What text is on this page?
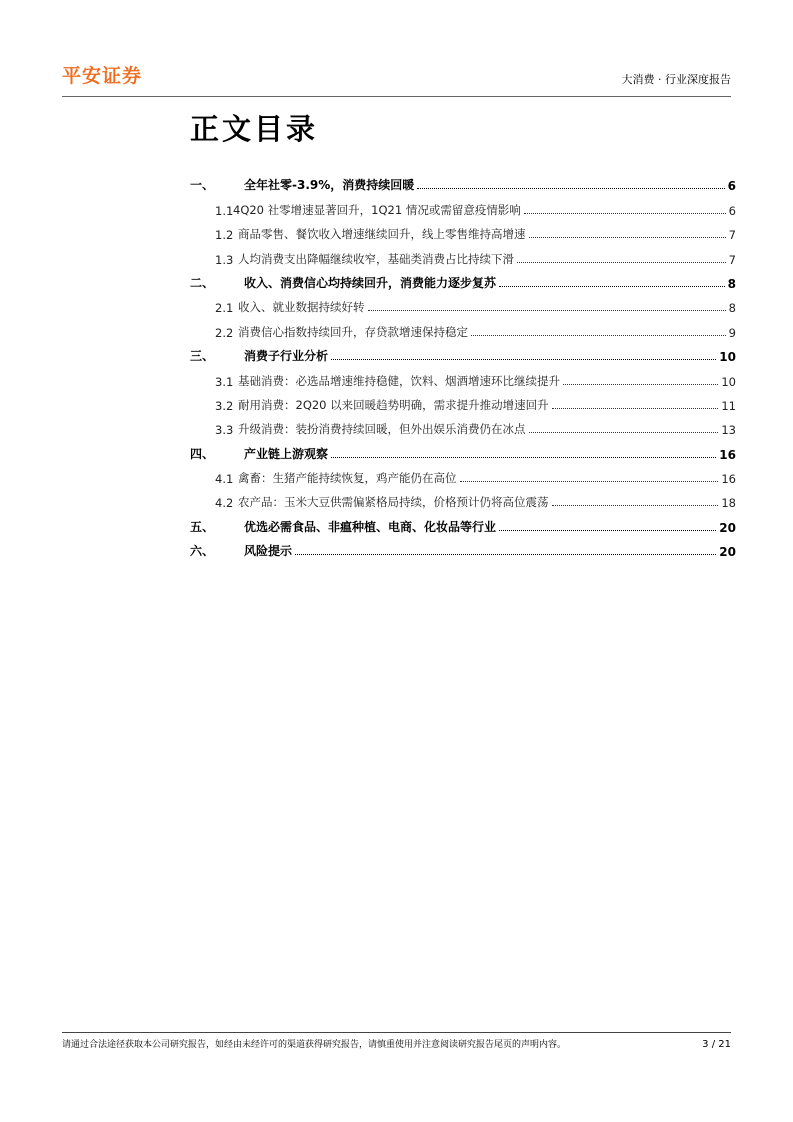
平安证券	大消费 · 行业深度报告
正文目录
一、	全年社零-3.9%，消费持续回暖	6
1.1 4Q20 社零增速显著回升，1Q21 情况或需留意疫情影响	6
1.2 商品零售、餐饮收入增速继续回升，线上零售维持高增速	7
1.3 人均消费支出降幅继续收窄，基础类消费占比持续下滑	7
二、	收入、消费信心均持续回升，消费能力逐步复苏	8
2.1 收入、就业数据持续好转	8
2.2 消费信心指数持续回升，存贷款增速保持稳定	9
三、	消费子行业分析	10
3.1 基础消费：必选品增速维持稳健，饮料、烟酒增速环比继续提升	10
3.2 耐用消费：2Q20 以来回暖趋势明确，需求提升推动增速回升	11
3.3 升级消费：装扮消费持续回暖，但外出娱乐消费仍在冰点	13
四、	产业链上游观察	16
4.1 禽畜：生猪产能持续恢复，鸡产能仍在高位	16
4.2 农产品：玉米大豆供需偏紧格局持续，价格预计仍将高位震荡	18
五、	优选必需食品、非瘟种植、电商、化妆品等行业	20
六、	风险提示	20
请通过合法途径获取本公司研究报告，如经由未经许可的渠道获得研究报告，请慎重使用并注意阅读研究报告尾页的声明内容。	3 / 21
